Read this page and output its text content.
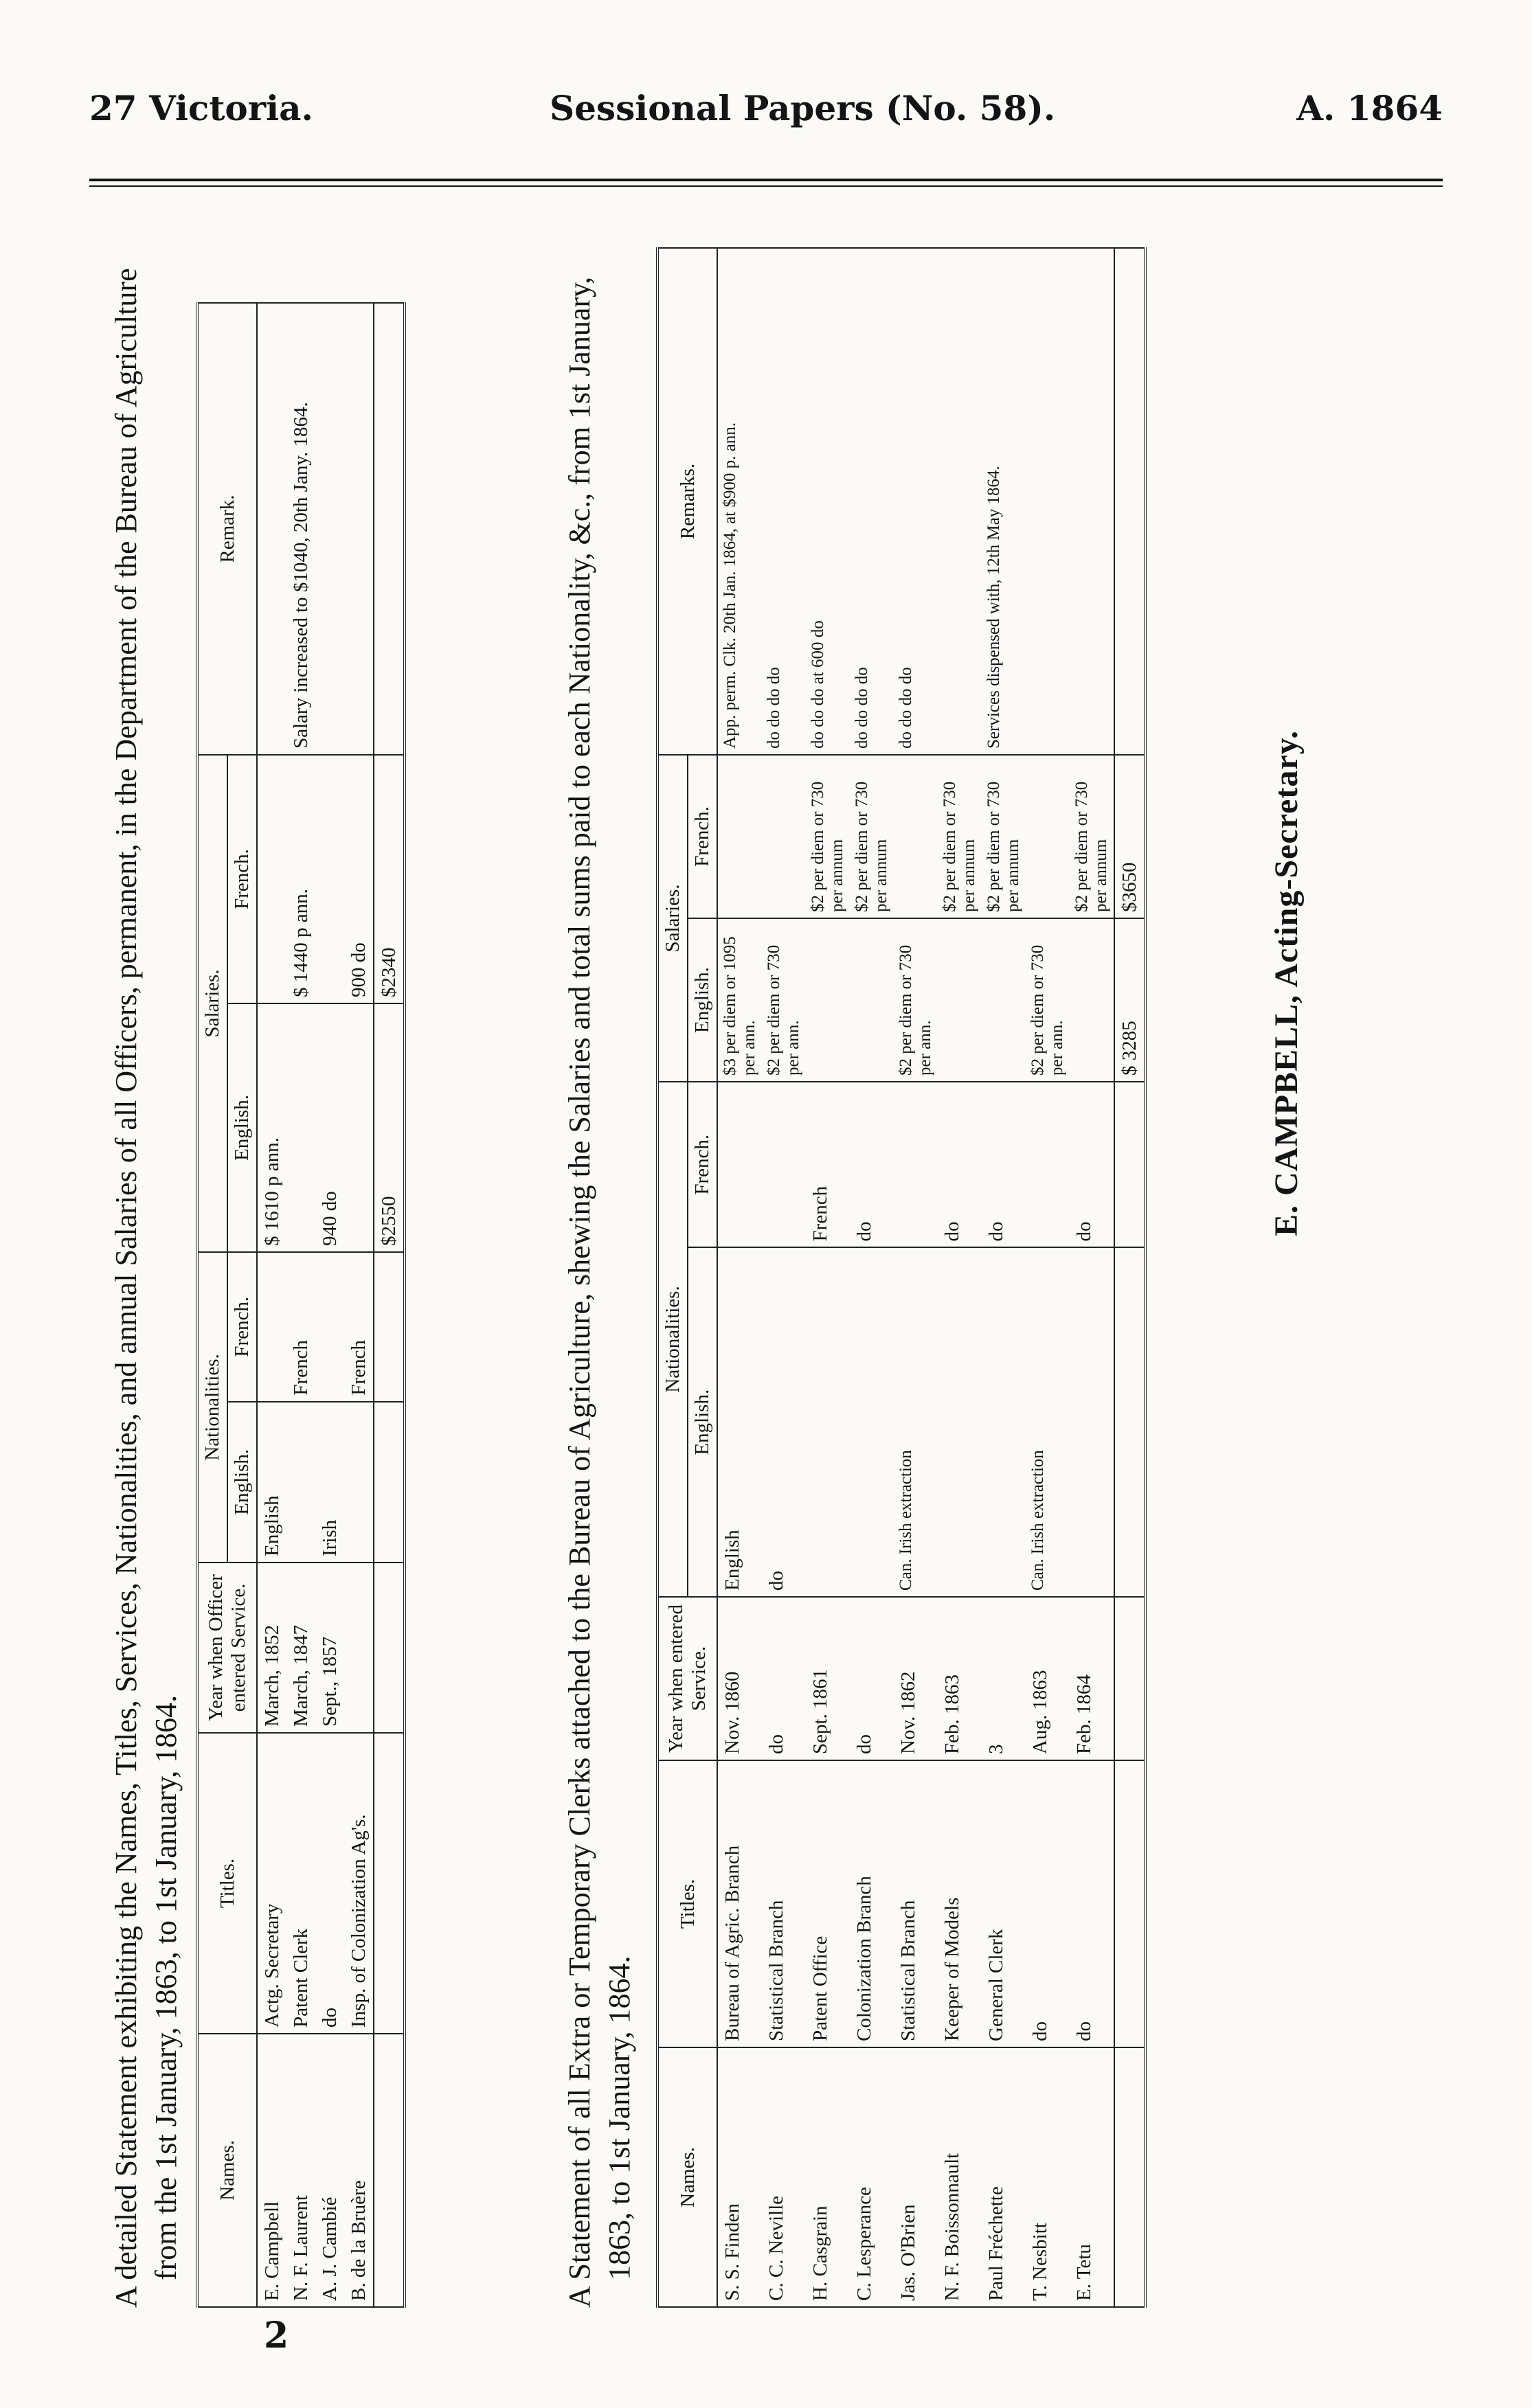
27 Victoria.	Sessional Papers (No. 58).	A. 1864
2

A detailed Statement exhibiting the Names, Titles, Services, Nationalities, and annual Salaries of all Officers, permanent, in the Department of the Bureau of Agriculture from the 1st January, 1863, to 1st January, 1864. Names.	Titles.	Year when Officer entered Service.	Nationalities.		Salaries.		Remark.
			English.	French.	English.	French.	
E. Campbell	Actg. Secretary	March, 1852	English		$ 1610 p ann.		
N. F. Laurent	Patent Clerk	March, 1847		French		$ 1440 p ann.	Salary increased to $1040, 20th Jany. 1864.
A. J. Cambié	do	Sept., 1857	Irish		940 do		
B. de la Bruère	Insp. of Colonization Ag's.			French		900 do	
					$2550	$2340		A Statement of all Extra or Temporary Clerks attached to the Bureau of Agriculture, shewing the Salaries and total sums paid to each Nationality, &c., from 1st January, 1863, to 1st January, 1864. Names.	Titles.	Year when entered Service.	Nationalities.		Salaries.		Remarks.
			English.	French.	English.	French.	
S. S. Finden	Bureau of Agric. Branch	Nov. 1860	English		$3 per diem or 1095 per ann.		App. perm. Clk. 20th Jan. 1864, at $900 p. ann.
C. C. Neville	Statistical Branch	do	do		$2 per diem or 730 per ann.		do do do do
H. Casgrain	Patent Office	Sept. 1861		French		$2 per diem or 730 per annum	do do do at 600 do
C. Lesperance	Colonization Branch	do		do		$2 per diem or 730 per annum	do do do do
Jas. O'Brien	Statistical Branch	Nov. 1862	Can. Irish extraction		$2 per diem or 730 per ann.		do do do do
N. F. Boissonnault	Keeper of Models	Feb. 1863		do		$2 per diem or 730 per annum	
Paul Fréchette	General Clerk	3		do		$2 per diem or 730 per annum	Services dispensed with, 12th May 1864.
T. Nesbitt	do	Aug. 1863	Can. Irish extraction		$2 per diem or 730 per ann.		
E. Tetu	do	Feb. 1864		do		$2 per diem or 730 per annum	
					$ 3285	$3650		E. CAMPBELL, Acting-Secretary.
